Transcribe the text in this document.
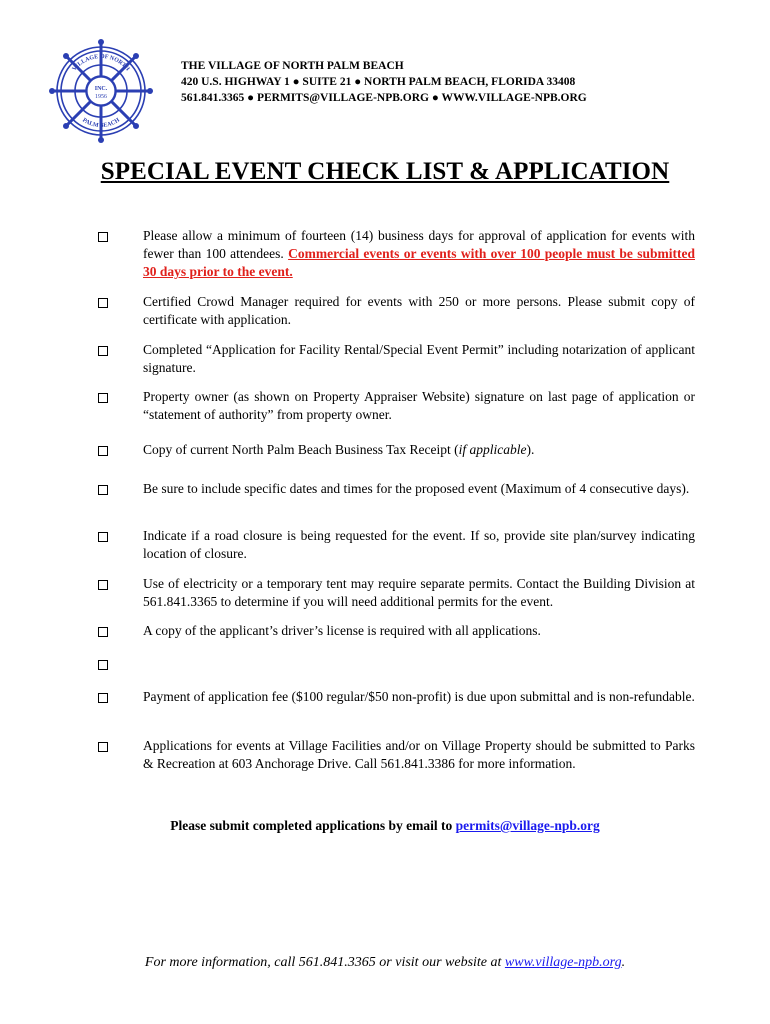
VILLAGE OF NORTH
PALM BEACH
INC.
1956
THE VILLAGE OF NORTH PALM BEACH
420 U.S. HIGHWAY 1 ● SUITE 21 ● NORTH PALM BEACH, FLORIDA 33408
561.841.3365 ● PERMITS@VILLAGE-NPB.ORG ● WWW.VILLAGE-NPB.ORG
SPECIAL EVENT CHECK LIST & APPLICATION
Please allow a minimum of fourteen (14) business days for approval of application for events with fewer than 100 attendees. Commercial events or events with over 100 people must be submitted 30 days prior to the event.
Certified Crowd Manager required for events with 250 or more persons. Please submit copy of certificate with application.
Completed “Application for Facility Rental/Special Event Permit” including notarization of applicant signature.
Property owner (as shown on Property Appraiser Website) signature on last page of application or “statement of authority” from property owner.
Copy of current North Palm Beach Business Tax Receipt (if applicable).
Be sure to include specific dates and times for the proposed event (Maximum of 4 consecutive days).
Indicate if a road closure is being requested for the event. If so, provide site plan/survey indicating location of closure.
Use of electricity or a temporary tent may require separate permits. Contact the Building Division at 561.841.3365 to determine if you will need additional permits for the event.
A copy of the applicant’s driver’s license is required with all applications.
Payment of application fee ($100 regular/$50 non-profit) is due upon submittal and is non-refundable.
Applications for events at Village Facilities and/or on Village Property should be submitted to Parks & Recreation at 603 Anchorage Drive. Call 561.841.3386 for more information.
Please submit completed applications by email to permits@village-npb.org
For more information, call 561.841.3365 or visit our website at www.village-npb.org.
